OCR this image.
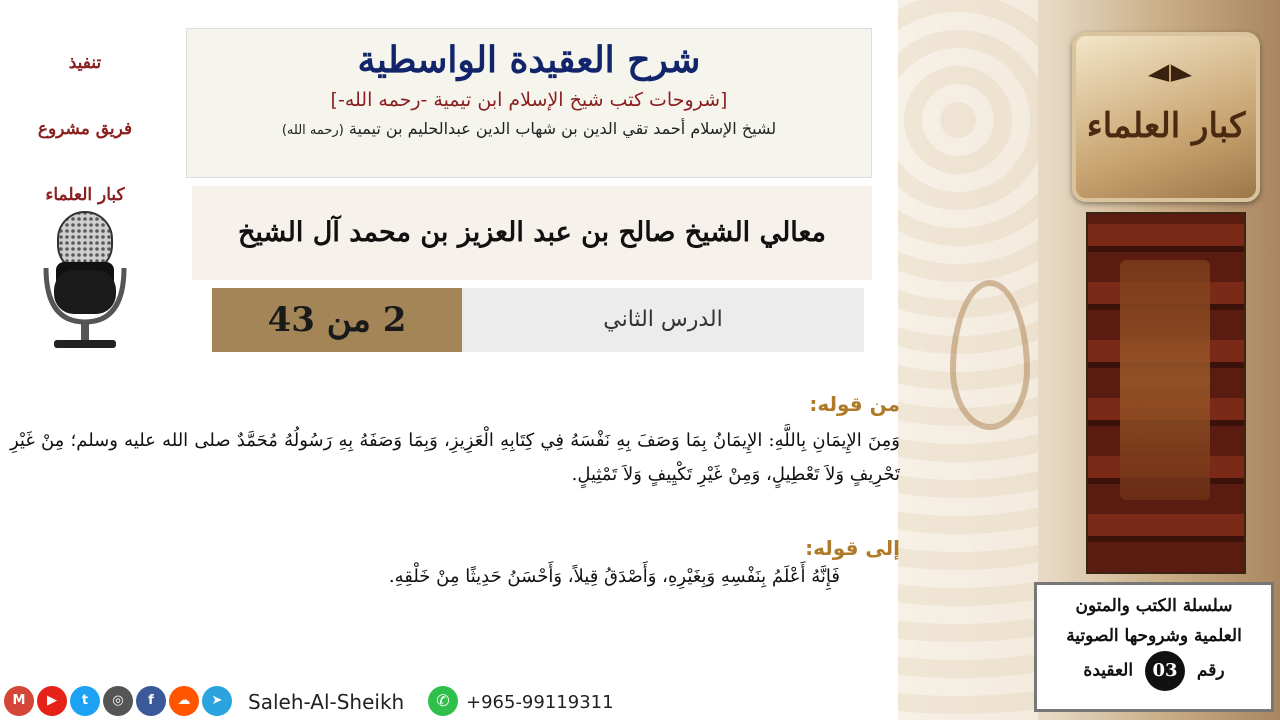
كبار العلماء
سلسلة الكتب والمتون
العلمية وشروحها الصوتية
رقم 03 العقيدة
تنفيذ
فريق مشروع
كبار العلماء
شرح العقيدة الواسطية
[شروحات كتب شيخ الإسلام ابن تيمية -رحمه الله-]
لشيخ الإسلام أحمد تقي الدين بن شهاب الدين عبدالحليم بن تيمية (رحمه الله)
معالي الشيخ صالح بن عبد العزيز بن محمد آل الشيخ
2 من 43	الدرس الثاني
من قوله:
وَمِنَ الإِيمَانِ بِاللَّهِ: الإِيمَانُ بِمَا وَصَفَ بِهِ نَفْسَهُ فِي كِتَابِهِ الْعَزِيزِ، وَبِمَا وَصَفَهُ بِهِ رَسُولُهُ مُحَمَّدٌ صلى الله عليه وسلم؛ مِنْ غَيْرِ تَحْرِيفٍ وَلاَ تَعْطِيلٍ، وَمِنْ غَيْرِ تَكْيِيفٍ وَلاَ تَمْثِيلٍ.
إلى قوله:
فَإِنَّهُ أَعْلَمُ بِنَفْسِهِ وَبِغَيْرِهِ، وَأَصْدَقُ قِيلاً، وَأَحْسَنُ حَدِيثًا مِنْ خَلْقِهِ.
M	▶	t	◎	f	☁	➤	Saleh-Al-Sheikh	✆ +965-99119311
